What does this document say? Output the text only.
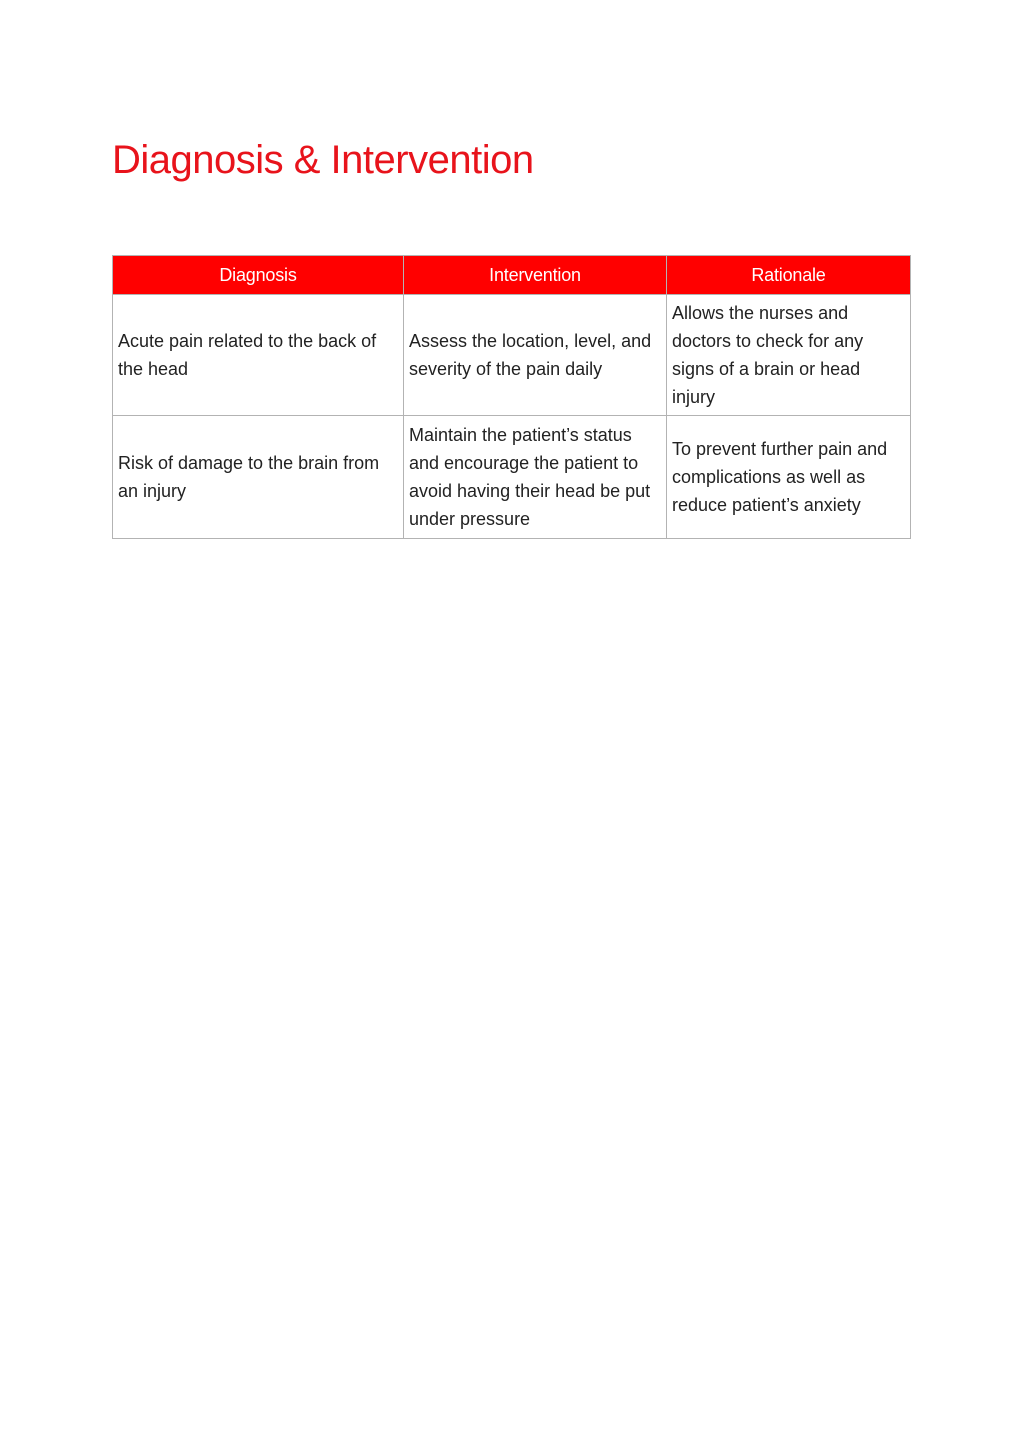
Diagnosis & Intervention
Diagnosis	Intervention	Rationale
Acute pain related to the back of the head	Assess the location, level, and severity of the pain daily	Allows the nurses and doctors to check for any signs of a brain or head injury
Risk of damage to the brain from an injury	Maintain the patient’s status and encourage the patient to avoid having their head be put under pressure	To prevent further pain and complications as well as reduce patient’s anxiety
